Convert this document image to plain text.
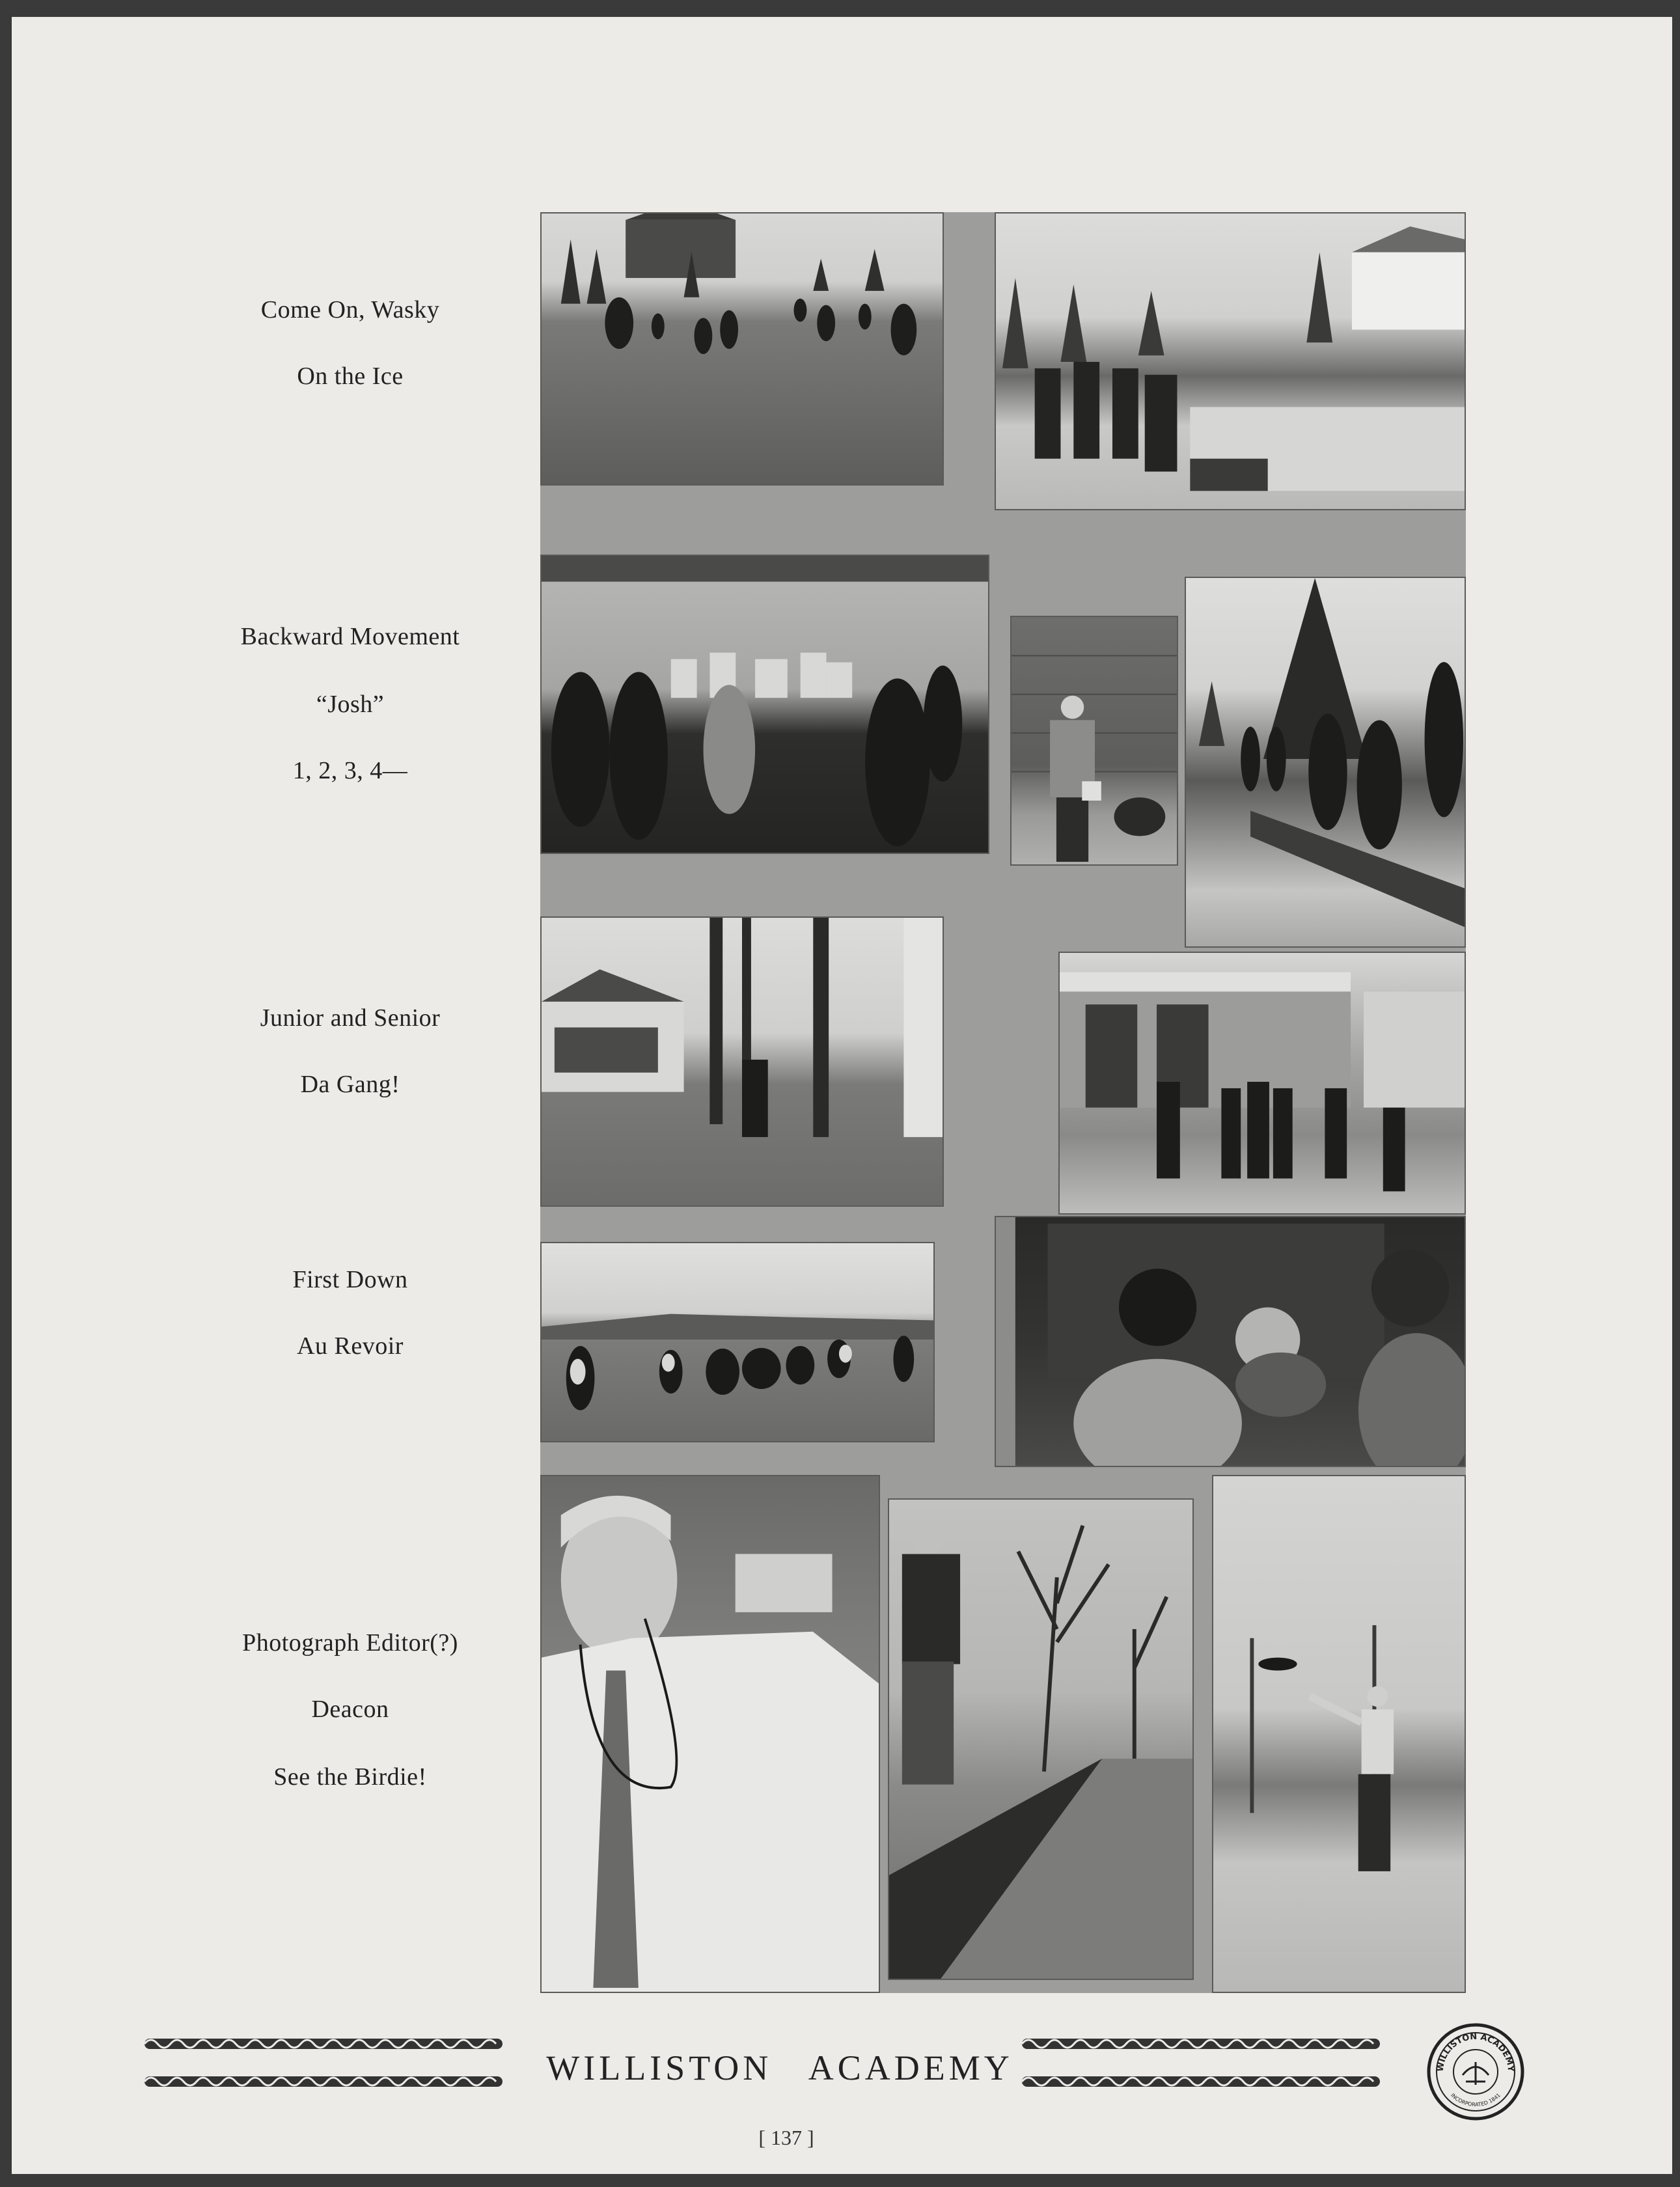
Come On, Wasky
On the Ice
Backward Movement
“Josh”
1, 2, 3, 4—
Junior and Senior
Da Gang!
First Down
Au Revoir
Photograph Editor(?)
Deacon
See the Birdie!
WILLISTON   ACADEMY
[ 137 ]
WILLISTON ACADEMY
INCORPORATED 1841
